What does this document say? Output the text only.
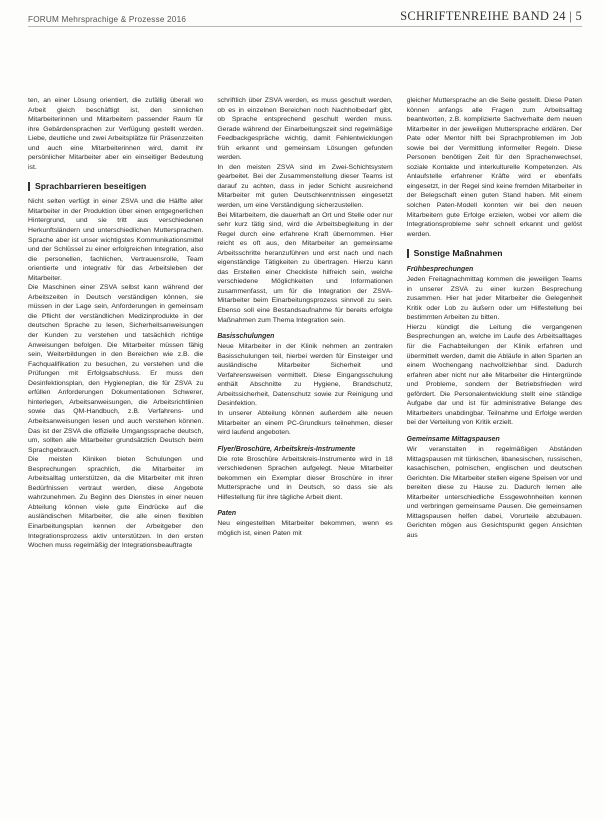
FORUM Mehrsprachige & Prozesse 2016	SCHRIFTENREIHE BAND 24 | 5

ten, an einer Lösung orientiert, die zufällig überall wo Arbeit gleich beschäftigt ist, den sinnlichen Mitarbeiterinnen und Mitarbeitern passender Raum für ihre Gebärdensprachen zur Verfügung gestellt werden. Liebe, deutliche und zwei Arbeitsplätze für Präsenzzeiten und auch eine Mitarbeiterinnen wird, damit ihr persönlicher Mitarbeiter aber ein einseitiger Bedeutung ist.

Sprachbarrieren beseitigen

Nicht selten verfügt in einer ZSVA und die Hälfte aller Mitarbeiter in der Produktion über einen entgegnerlichen Hintergrund, und sie tritt aus verschiedenen Herkunftsländern und unterschiedlichen Muttersprachen. Sprache aber ist unser wichtigstes Kommunikationsmittel und der Schlüssel zu einer erfolgreichen Integration, also die personellen, fachlichen, Vertrauensrolle, Team orientierte und integrativ für das Arbeitsleben der Mitarbeiter.

Die Maschinen einer ZSVA selbst kann während der Arbeitszeiten in Deutsch verständigen können, sie müssen in der Lage sein, Anforderungen in gemeinsam die Pflicht der verständlichen Medizinprodukte in der deutschen Sprache zu lesen, Sicherheitsanweisungen der Kunden zu verstehen und tatsächlich richtige Anweisungen befolgen. Die Mitarbeiter müssen fähig sein, Weiterbildungen in den Bereichen wie z.B. die Fachqualifikation zu besuchen, zu verstehen und die Prüfungen mit Erfolgsabschluss. Er muss den Desinfektionsplan, den Hygieneplan, die für ZSVA zu erfüllen Anforderungen Dokumentationen Schwerer, hinterlegen, Arbeitsanweisungen, die Arbeitsrichtlinien sowie das QM-Handbuch, z.B. Verfahrens- und Arbeitsanweisungen lesen und auch verstehen können. Das ist der ZSVA die offizielle Umgangssprache deutsch, um, sollten alle Mitarbeiter grundsätzlich Deutsch beim Sprachgebrauch.

Die meisten Kliniken bieten Schulungen und Besprechungen sprachlich, die Mitarbeiter im Arbeitsalltag unterstützen, da die Mitarbeiter mit ihren Bedürfnissen vertraut werden, diese Angebote wahrzunehmen. Zu Beginn des Dienstes in einer neuen Abteilung können viele gute Eindrücke auf die ausländischen Mitarbeiter, die alle einen flexiblen Einarbeitungsplan kennen der Arbeitgeber den Integrationsprozess aktiv unterstützen. In den ersten Wochen muss regelmäßig der Integrationsbeauftragte

schriftlich über ZSVA werden, es muss geschult werden, ob es in einzelnen Bereichen noch Nachholbedarf gibt, ob Sprache entsprechend geschult werden muss. Gerade während der Einarbeitungszeit sind regelmäßige Feedbackgespräche wichtig, damit Fehlentwicklungen früh erkannt und gemeinsam Lösungen gefunden werden.

In den meisten ZSVA sind im Zwei-Schichtsystem gearbeitet. Bei der Zusammenstellung dieser Teams ist darauf zu achten, dass in jeder Schicht ausreichend Mitarbeiter mit guten Deutschkenntnissen eingesetzt werden, um eine Verständigung sicherzustellen.

Bei Mitarbeitern, die dauerhaft an Ort und Stelle oder nur sehr kurz tätig sind, wird die Arbeitsbegleitung in der Regel durch eine erfahrene Kraft übernommen. Hier reicht es oft aus, den Mitarbeiter an gemeinsame Arbeitsschritte heranzuführen und erst nach und nach eigenständige Tätigkeiten zu übertragen. Hierzu kann das Erstellen einer Checkliste hilfreich sein, welche verschiedene Möglichkeiten und Informationen zusammenfasst, um für die Integration der ZSVA-Mitarbeiter beim Einarbeitungsprozess sinnvoll zu sein. Ebenso soll eine Bestandsaufnahme für bereits erfolgte Maßnahmen zum Thema Integration sein.

Basisschulungen

Neue Mitarbeiter in der Klinik nehmen an zentralen Basisschulungen teil, hierbei werden für Einsteiger und ausländische Mitarbeiter Sicherheit und Verfahrensweisen vermittelt. Diese Eingangsschulung enthält Abschnitte zu Hygiene, Brandschutz, Arbeitssicherheit, Datenschutz sowie zur Reinigung und Desinfektion.

In unserer Abteilung können außerdem alle neuen Mitarbeiter an einem PC-Grundkurs teilnehmen, dieser wird laufend angeboten.

Flyer/Broschüre, Arbeitskreis-Instrumente

Die rote Broschüre Arbeitskreis-Instrumente wird in 18 verschiedenen Sprachen aufgelegt. Neue Mitarbeiter bekommen ein Exemplar dieser Broschüre in ihrer Muttersprache und in Deutsch, so dass sie als Hilfestellung für ihre tägliche Arbeit dient.

Paten

Neu eingestellten Mitarbeiter bekommen, wenn es möglich ist, einen Paten mit

gleicher Muttersprache an die Seite gestellt. Diese Paten können anfangs alle Fragen zum Arbeitsalltag beantworten, z.B. komplizierte Sachverhalte dem neuen Mitarbeiter in der jeweiligen Muttersprache erklären. Der Pate oder Mentor hilft bei Sprachproblemen im Job sowie bei der Vermittlung informeller Regeln. Diese Personen benötigen Zeit für den Sprachenwechsel, soziale Kontakte und interkulturelle Kompetenzen. Als Anlaufstelle erfahrener Kräfte wird er ebenfalls eingesetzt, in der Regel sind keine fremden Mitarbeiter in der Belegschaft einen guten Stand haben. Mit einem solchen Paten-Modell konnten wir bei den neuen Mitarbeitern gute Erfolge erzielen, wobei vor allem die Integrationsprobleme sehr schnell erkannt und gelöst werden.

Sonstige Maßnahmen
Frühbesprechungen

Jeden Freitagnachmittag kommen die jeweiligen Teams in unserer ZSVA zu einer kurzen Besprechung zusammen. Hier hat jeder Mitarbeiter die Gelegenheit Kritik oder Lob zu äußern oder um Hilfestellung bei bestimmten Arbeiten zu bitten.

Hierzu kündigt die Leitung die vergangenen Besprechungen an, welche im Laufe des Arbeitsalltages für die Fachabteilungen der Klinik erfahren und übermittelt werden, damit die Abläufe in allen Sparten an einem Wochengang nachvollziehbar sind. Dadurch erfahren aber nicht nur alle Mitarbeiter die Hintergründe und Probleme, sondern der Betriebsfrieden wird gefördert. Die Personalentwicklung stellt eine ständige Aufgabe dar und ist für administrative Belange des Mitarbeiters unabdingbar. Teilnahme und Erfolge werden bei der Verteilung von Kritik erzielt.

Gemeinsame Mittagspausen

Wir veranstalten in regelmäßigen Abständen Mittagspausen mit türkischen, libanesischen, russischen, kasachischen, polnischen, englischen und deutschen Gerichten. Die Mitarbeiter stellen eigene Speisen vor und bereiten diese zu Hause zu. Dadurch lernen alle Mitarbeiter unterschiedliche Essgewohnheiten kennen und verbringen gemeinsame Pausen. Die gemeinsamen Mittagspausen helfen dabei, Vorurteile abzubauen. Gerichten mögen aus Gesichtspunkt gegen Ansichten aus
